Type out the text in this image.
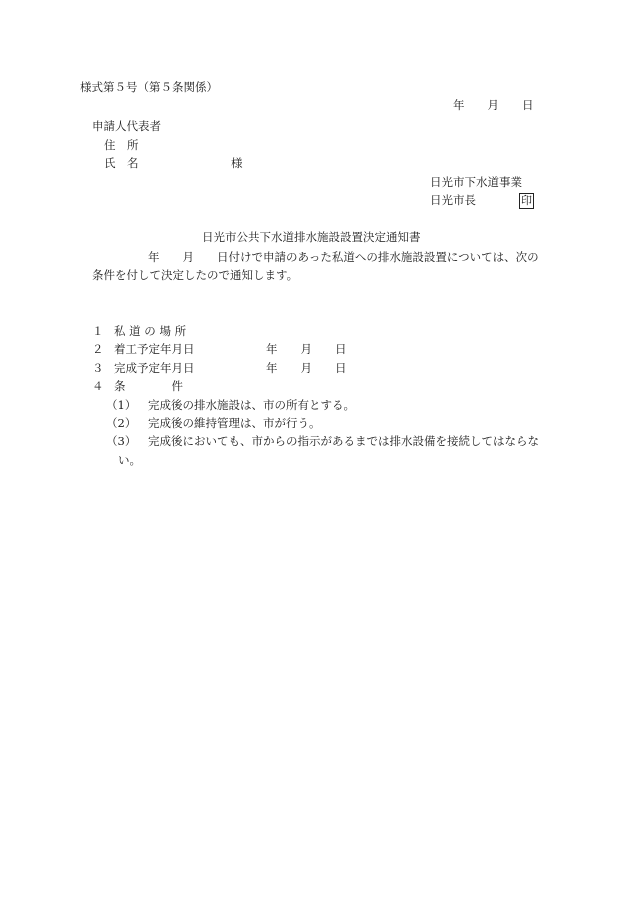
様式第５号（第５条関係）
年　　月　　日
申請人代表者
住　所
氏　名	様
日光市下水道事業
日光市長	印
日光市公共下水道排水施設設置決定通知書
年　　月　　日付けで申請のあった私道への排水施設設置については、次の
条件を付して決定したので通知します。
１ 私 道 の 場 所
２ 着工予定年月日	年　　月　　日
３ 完成予定年月日	年　　月　　日
４ 条　　　　件
（1） 完成後の排水施設は、市の所有とする。
（2） 完成後の維持管理は、市が行う。
（3） 完成後においても、市からの指示があるまでは排水設備を接続してはならな
い。
